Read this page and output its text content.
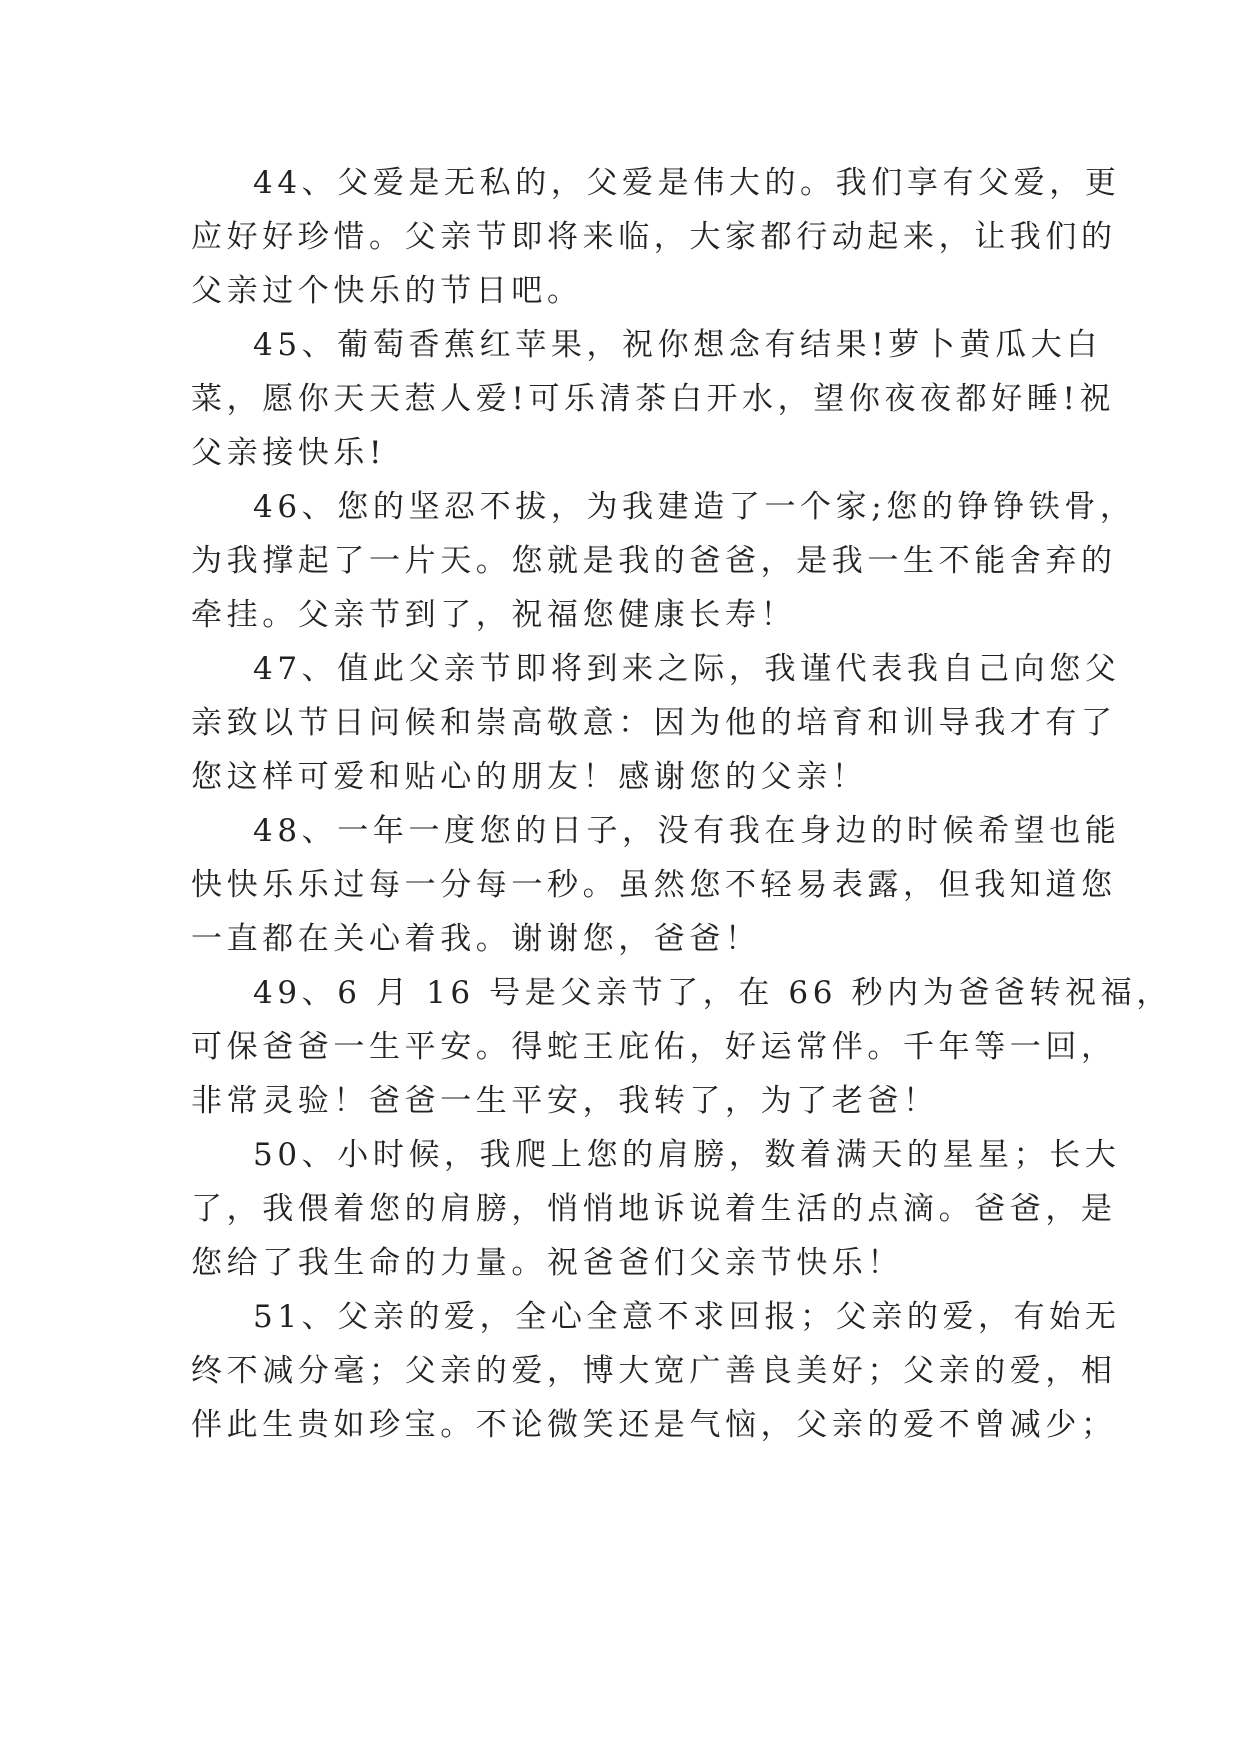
44、父爱是无私的，父爱是伟大的。我们享有父爱，更
应好好珍惜。父亲节即将来临，大家都行动起来，让我们的
父亲过个快乐的节日吧。
45、葡萄香蕉红苹果，祝你想念有结果!萝卜黄瓜大白
菜，愿你天天惹人爱!可乐清茶白开水，望你夜夜都好睡!祝
父亲接快乐!
46、您的坚忍不拔，为我建造了一个家;您的铮铮铁骨，
为我撑起了一片天。您就是我的爸爸，是我一生不能舍弃的
牵挂。父亲节到了，祝福您健康长寿！
47、值此父亲节即将到来之际，我谨代表我自己向您父
亲致以节日问候和崇高敬意：因为他的培育和训导我才有了
您这样可爱和贴心的朋友！感谢您的父亲！
48、一年一度您的日子，没有我在身边的时候希望也能
快快乐乐过每一分每一秒。虽然您不轻易表露，但我知道您
一直都在关心着我。谢谢您，爸爸！
49、6 月 16 号是父亲节了，在 66 秒内为爸爸转祝福，
可保爸爸一生平安。得蛇王庇佑，好运常伴。千年等一回，
非常灵验！爸爸一生平安，我转了，为了老爸！
50、小时候，我爬上您的肩膀，数着满天的星星；长大
了，我偎着您的肩膀，悄悄地诉说着生活的点滴。爸爸，是
您给了我生命的力量。祝爸爸们父亲节快乐！
51、父亲的爱，全心全意不求回报；父亲的爱，有始无
终不减分毫；父亲的爱，博大宽广善良美好；父亲的爱，相
伴此生贵如珍宝。不论微笑还是气恼，父亲的爱不曾减少；
